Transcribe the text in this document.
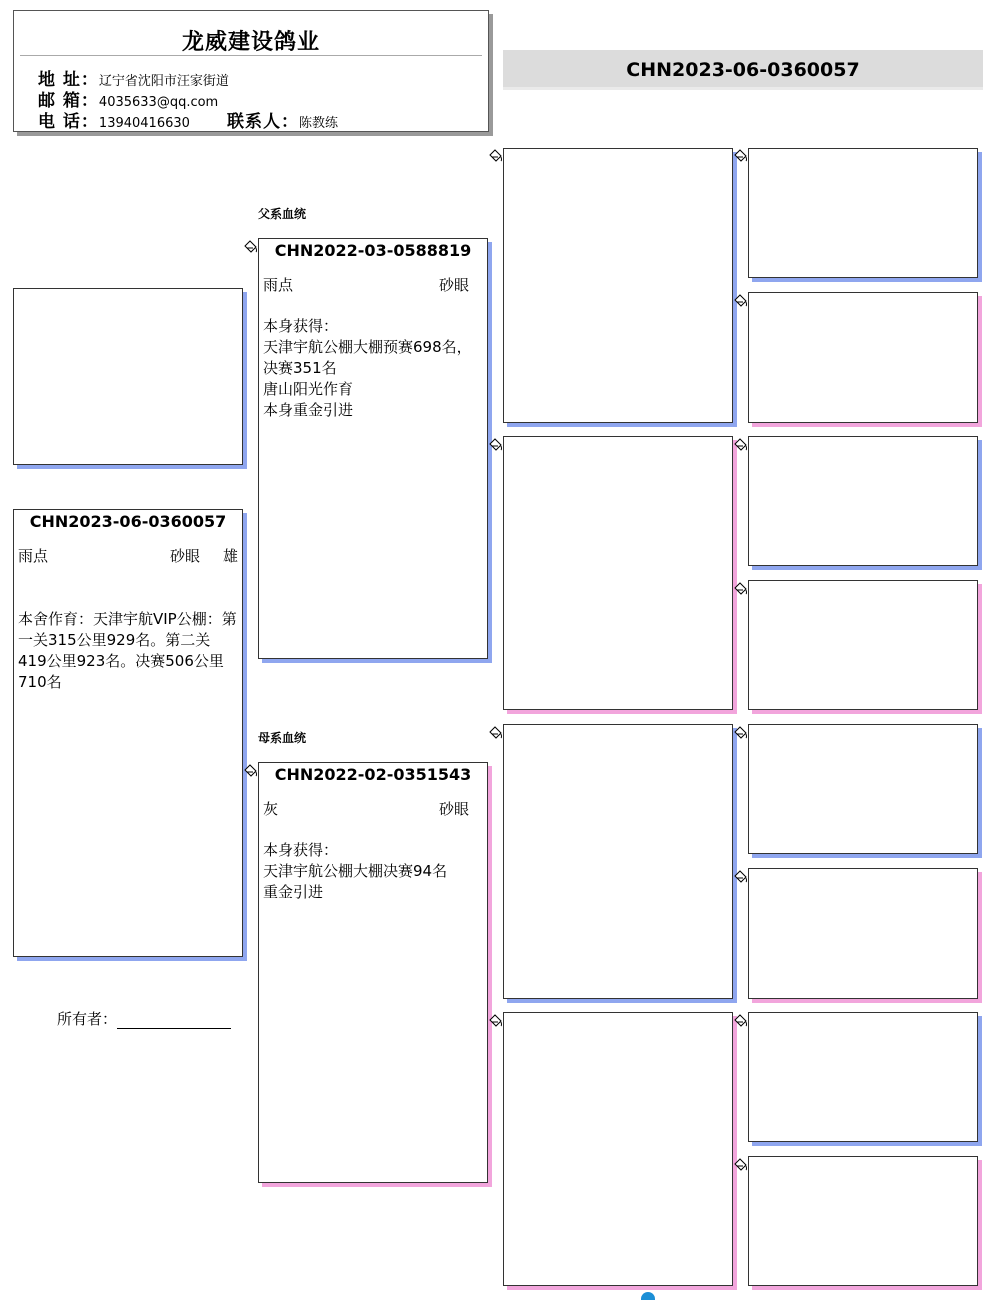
龙威建设鸽业
地 址：辽宁省沈阳市汪家街道
邮 箱：4035633@qq.com
电 话：13940416630 联系人：陈教练
CHN2023-06-0360057
CHN2023-06-0360057
雨点	砂眼 雄
本舍作育：天津宇航VIP公棚：第一关315公里929名。第二关419公里923名。决赛506公里710名
所有者：
父系血统
CHN2022-03-0588819
雨点	砂眼
本身获得：
天津宇航公棚大棚预赛698名，决赛351名
唐山阳光作育
本身重金引进
母系血统
CHN2022-02-0351543
灰	砂眼
本身获得：
天津宇航公棚大棚决赛94名
重金引进
